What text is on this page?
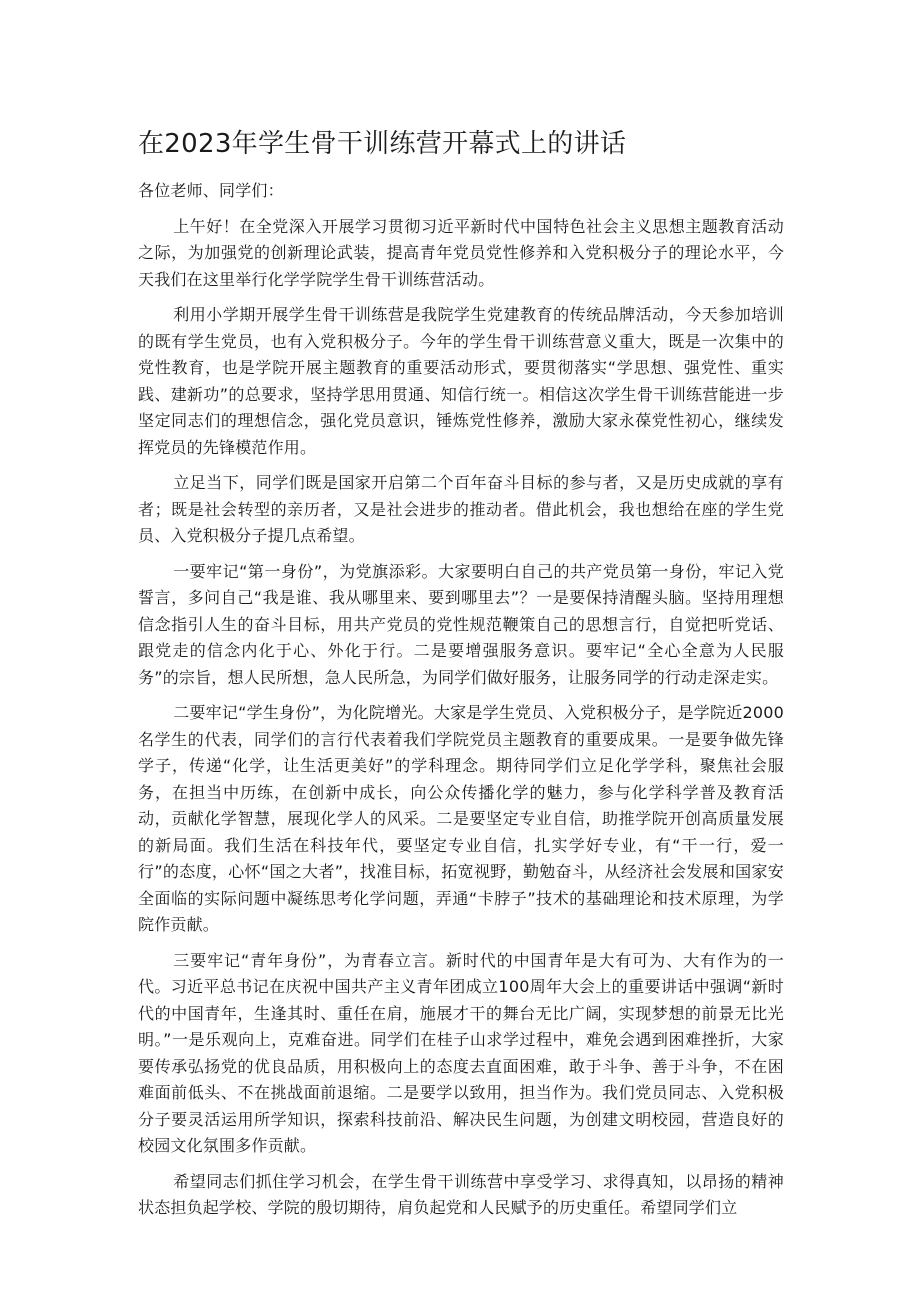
在2023年学生骨干训练营开幕式上的讲话

各位老师、同学们：

上午好！在全党深入开展学习贯彻习近平新时代中国特色社会主义思想主题教育活动之际，为加强党的创新理论武装，提高青年党员党性修养和入党积极分子的理论水平，今天我们在这里举行化学学院学生骨干训练营活动。

利用小学期开展学生骨干训练营是我院学生党建教育的传统品牌活动，今天参加培训的既有学生党员，也有入党积极分子。今年的学生骨干训练营意义重大，既是一次集中的党性教育，也是学院开展主题教育的重要活动形式，要贯彻落实“学思想、强党性、重实践、建新功”的总要求，坚持学思用贯通、知信行统一。相信这次学生骨干训练营能进一步坚定同志们的理想信念，强化党员意识，锤炼党性修养，激励大家永葆党性初心，继续发挥党员的先锋模范作用。

立足当下，同学们既是国家开启第二个百年奋斗目标的参与者，又是历史成就的享有者；既是社会转型的亲历者，又是社会进步的推动者。借此机会，我也想给在座的学生党员、入党积极分子提几点希望。

一要牢记“第一身份”，为党旗添彩。大家要明白自己的共产党员第一身份，牢记入党誓言，多问自己“我是谁、我从哪里来、要到哪里去”？一是要保持清醒头脑。坚持用理想信念指引人生的奋斗目标，用共产党员的党性规范鞭策自己的思想言行，自觉把听党话、跟党走的信念内化于心、外化于行。二是要增强服务意识。要牢记“全心全意为人民服务”的宗旨，想人民所想，急人民所急，为同学们做好服务，让服务同学的行动走深走实。

二要牢记“学生身份”，为化院增光。大家是学生党员、入党积极分子，是学院近2000名学生的代表，同学们的言行代表着我们学院党员主题教育的重要成果。一是要争做先锋学子，传递“化学，让生活更美好”的学科理念。期待同学们立足化学学科，聚焦社会服务，在担当中历练，在创新中成长，向公众传播化学的魅力，参与化学科学普及教育活动，贡献化学智慧，展现化学人的风采。二是要坚定专业自信，助推学院开创高质量发展的新局面。我们生活在科技年代，要坚定专业自信，扎实学好专业，有“干一行，爱一行”的态度，心怀“国之大者”，找准目标，拓宽视野，勤勉奋斗，从经济社会发展和国家安全面临的实际问题中凝练思考化学问题，弄通“卡脖子”技术的基础理论和技术原理，为学院作贡献。

三要牢记“青年身份”，为青春立言。新时代的中国青年是大有可为、大有作为的一代。习近平总书记在庆祝中国共产主义青年团成立100周年大会上的重要讲话中强调“新时代的中国青年，生逢其时、重任在肩，施展才干的舞台无比广阔，实现梦想的前景无比光明。”一是乐观向上，克难奋进。同学们在桂子山求学过程中，难免会遇到困难挫折，大家要传承弘扬党的优良品质，用积极向上的态度去直面困难，敢于斗争、善于斗争，不在困难面前低头、不在挑战面前退缩。二是要学以致用，担当作为。我们党员同志、入党积极分子要灵活运用所学知识，探索科技前沿、解决民生问题，为创建文明校园，营造良好的校园文化氛围多作贡献。

希望同志们抓住学习机会，在学生骨干训练营中享受学习、求得真知，以昂扬的精神状态担负起学校、学院的殷切期待，肩负起党和人民赋予的历史重任。希望同学们立
